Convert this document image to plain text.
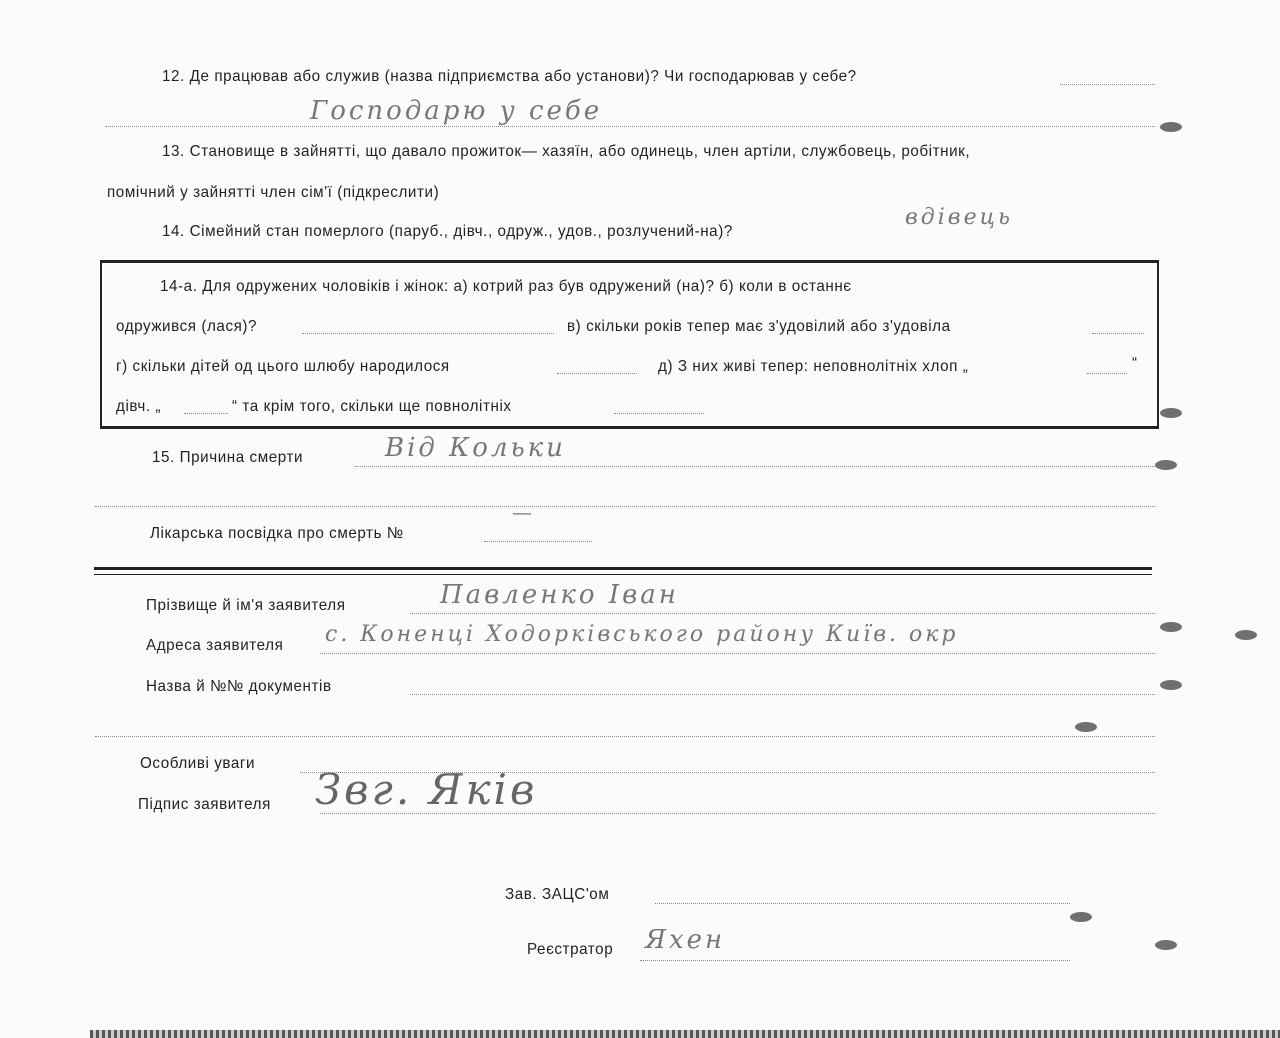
12. Де працював або служив (назва підприємства або установи)? Чи господарював у себе?
Господарю у себе
13. Становище в зайнятті, що давало прожиток— хазяїн, або одинець, член артіли, службовець, робітник,
помічний у зайнятті член сім'ї (підкреслити)
14. Сімейний стан померлого (паруб., дівч., одруж., удов., розлучений-на)?
вдівець
14-а. Для одружених чоловіків і жінок: а) котрий раз був одружений (на)? б) коли в останнє
одружився (лася)?	в) скільки років тепер має з'удовілий або з'удовіла
г) скільки дітей од цього шлюбу народилося	д) З них живі тепер: неповнолітніх хлоп „	“
дівч. „	“ та крім того, скільки ще повнолітніх
15. Причина смерти	Від Кольки
Лікарська посвідка про смерть №
—
Прізвище й ім'я заявителя	Павленко Іван
Адреса заявителя с. Коненці Ходорківського району Київ. окр
Назва й №№ документів
Особливі уваги
Підпис заявителя Звг. Яків
Зав. ЗАЦС'ом
Реєстратор Яхен
